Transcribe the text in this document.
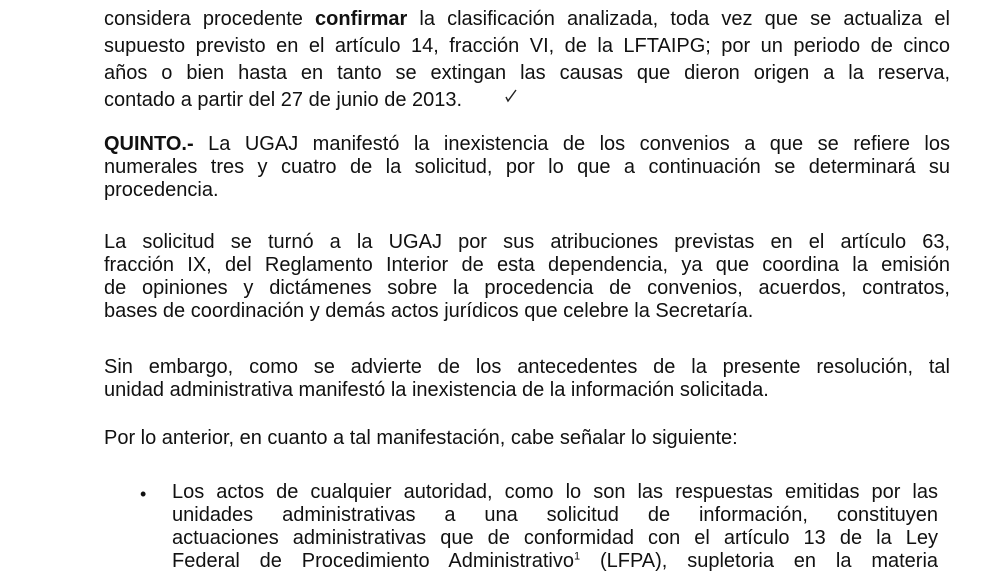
considera procedente confirmar la clasificación analizada, toda vez que se actualiza el
supuesto previsto en el artículo 14, fracción VI, de la LFTAIPG; por un periodo de cinco
años o bien hasta en tanto se extingan las causas que dieron origen a la reserva,
contado a partir del 27 de junio de 2013.
QUINTO.- La UGAJ manifestó la inexistencia de los convenios a que se refiere los
numerales tres y cuatro de la solicitud, por lo que a continuación se determinará su
procedencia.
La solicitud se turnó a la UGAJ por sus atribuciones previstas en el artículo 63,
fracción IX, del Reglamento Interior de esta dependencia, ya que coordina la emisión
de opiniones y dictámenes sobre la procedencia de convenios, acuerdos, contratos,
bases de coordinación y demás actos jurídicos que celebre la Secretaría.
Sin embargo, como se advierte de los antecedentes de la presente resolución, tal
unidad administrativa manifestó la inexistencia de la información solicitada.
Por lo anterior, en cuanto a tal manifestación, cabe señalar lo siguiente:
• Los actos de cualquier autoridad, como lo son las respuestas emitidas por las
unidades administrativas a una solicitud de información, constituyen
actuaciones administrativas que de conformidad con el artículo 13 de la Ley
Federal de Procedimiento Administrativo$^1$ (LFPA), supletoria en la materia
